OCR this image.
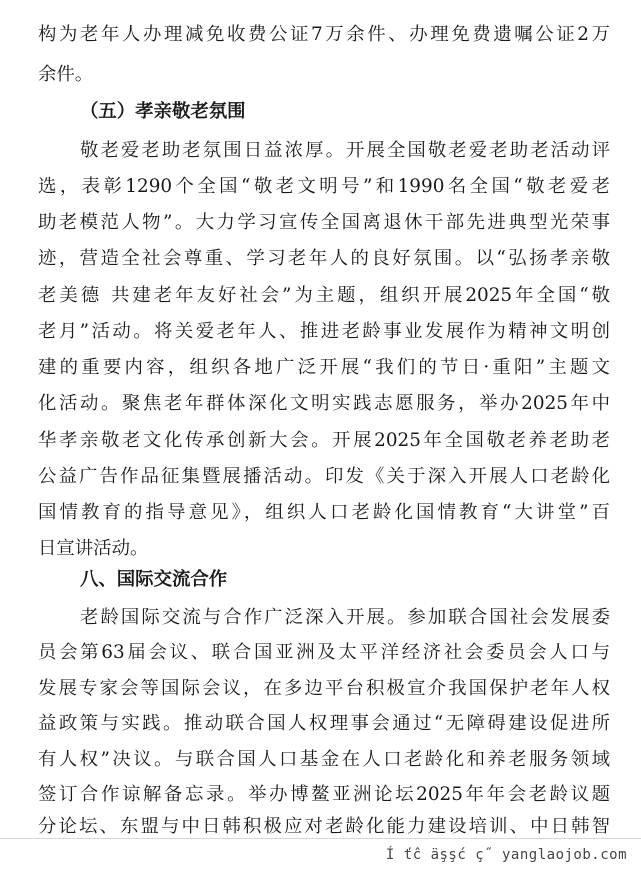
构为老年人办理减免收费公证7万余件、办理免费遗嘱公证2万
余件。
（五）孝亲敬老氛围
敬老爱老助老氛围日益浓厚。开展全国敬老爱老助老活动评
选，表彰1290个全国“敬老文明号”和1990名全国“敬老爱老
助老模范人物”。大力学习宣传全国离退休干部先进典型光荣事
迹，营造全社会尊重、学习老年人的良好氛围。以“弘扬孝亲敬
老美德 共建老年友好社会”为主题，组织开展2025年全国“敬
老月”活动。将关爱老年人、推进老龄事业发展作为精神文明创
建的重要内容，组织各地广泛开展“我们的节日·重阳”主题文
化活动。聚焦老年群体深化文明实践志愿服务，举办2025年中
华孝亲敬老文化传承创新大会。开展2025年全国敬老养老助老
公益广告作品征集暨展播活动。印发《关于深入开展人口老龄化
国情教育的指导意见》，组织人口老龄化国情教育“大讲堂”百
日宣讲活动。
八、国际交流合作
老龄国际交流与合作广泛深入开展。参加联合国社会发展委
员会第63届会议、联合国亚洲及太平洋经济社会委员会人口与
发展专家会等国际会议，在多边平台积极宣介我国保护老年人权
益政策与实践。推动联合国人权理事会通过“无障碍建设促进所
有人权”决议。与联合国人口基金在人口老龄化和养老服务领域
签订合作谅解备忘录。举办博鳌亚洲论坛2025年年会老龄议题
分论坛、东盟与中日韩积极应对老龄化能力建设培训、中日韩智
Í ťĉ äşşć ç˝ yanglaojob.com
